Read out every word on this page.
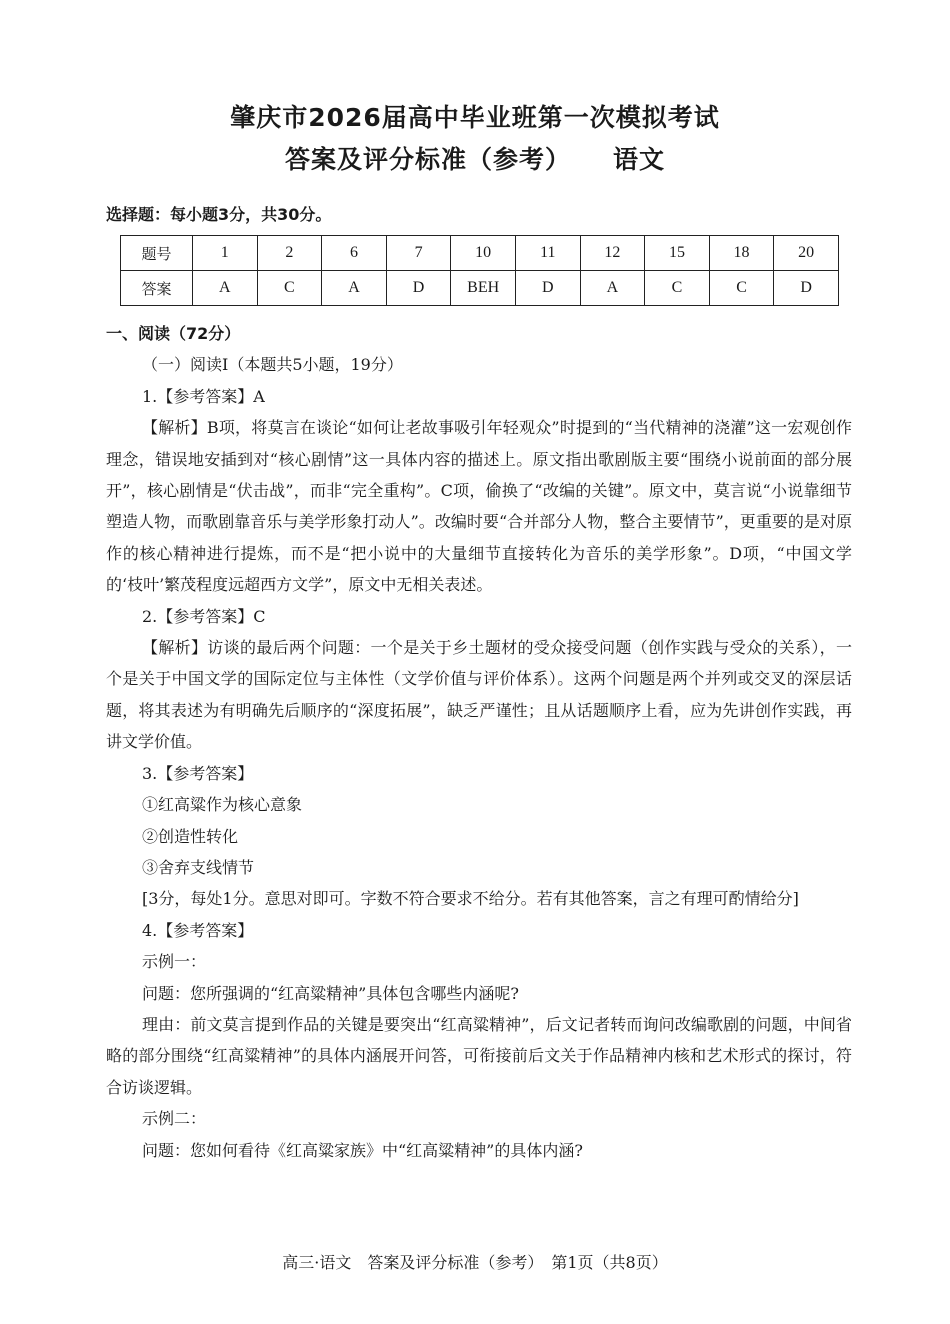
肇庆市2026届高中毕业班第一次模拟考试
答案及评分标准（参考） 语文
选择题：每小题3分，共30分。
题号	1	2	6	7	10	11	12	15	18	20
答案	A	C	A	D	BEH	D	A	C	C	D

一、阅读（72分）

（一）阅读Ⅰ（本题共5小题，19分）

1.【参考答案】A

【解析】B项，将莫言在谈论“如何让老故事吸引年轻观众”时提到的“当代精神的浇灌”这一宏观创作理念，错误地安插到对“核心剧情”这一具体内容的描述上。原文指出歌剧版主要“围绕小说前面的部分展开”，核心剧情是“伏击战”，而非“完全重构”。C项，偷换了“改编的关键”。原文中，莫言说“小说靠细节塑造人物，而歌剧靠音乐与美学形象打动人”。改编时要“合并部分人物，整合主要情节”，更重要的是对原作的核心精神进行提炼，而不是“把小说中的大量细节直接转化为音乐的美学形象”。D项，“中国文学的‘枝叶’繁茂程度远超西方文学”，原文中无相关表述。

2.【参考答案】C

【解析】访谈的最后两个问题：一个是关于乡土题材的受众接受问题（创作实践与受众的关系），一个是关于中国文学的国际定位与主体性（文学价值与评价体系）。这两个问题是两个并列或交叉的深层话题，将其表述为有明确先后顺序的“深度拓展”，缺乏严谨性；且从话题顺序上看，应为先讲创作实践，再讲文学价值。

3.【参考答案】

①红高粱作为核心意象

②创造性转化

③舍弃支线情节

[3分，每处1分。意思对即可。字数不符合要求不给分。若有其他答案，言之有理可酌情给分]

4.【参考答案】

示例一：

问题：您所强调的“红高粱精神”具体包含哪些内涵呢?

理由：前文莫言提到作品的关键是要突出“红高粱精神”，后文记者转而询问改编歌剧的问题，中间省略的部分围绕“红高粱精神”的具体内涵展开问答，可衔接前后文关于作品精神内核和艺术形式的探讨，符合访谈逻辑。

示例二：

问题：您如何看待《红高粱家族》中“红高粱精神”的具体内涵?

高三·语文　答案及评分标准（参考）　第1页（共8页）
